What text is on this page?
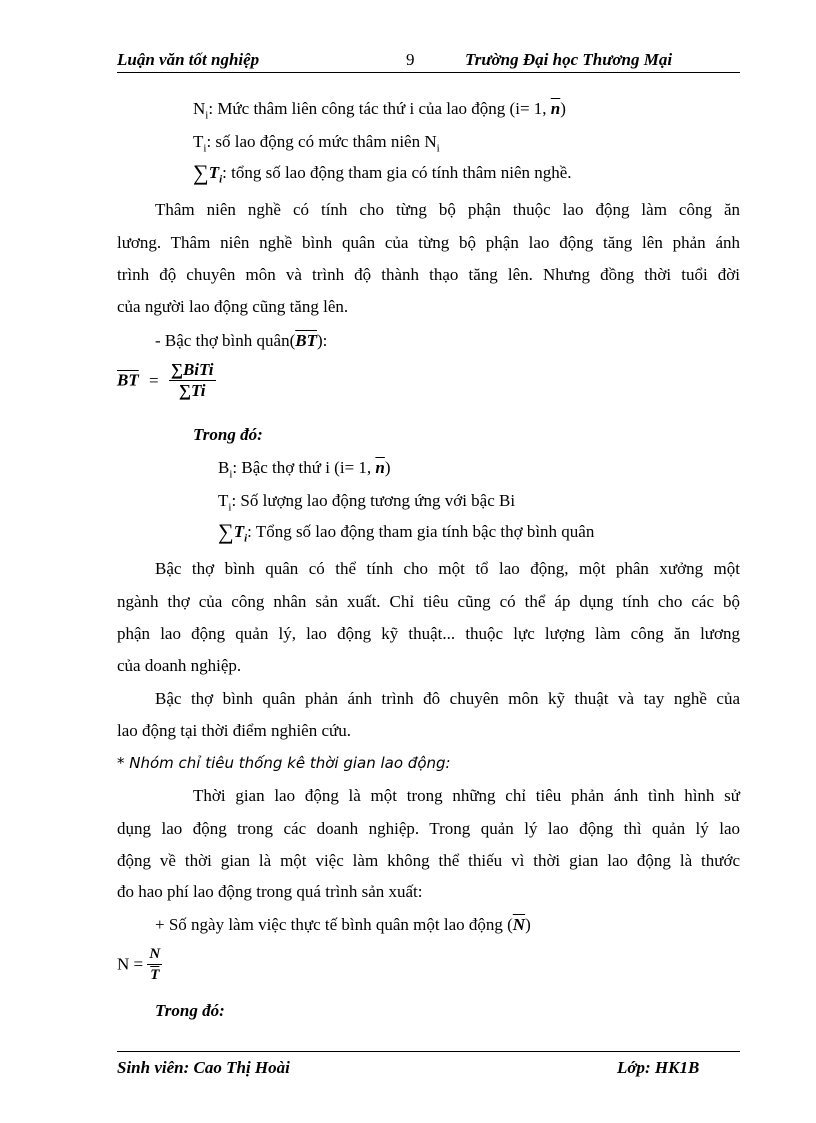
Luận văn tốt nghiệp	9	Trường Đại học Thương Mại
$N_i$: Mức thâm liên công tác thứ i của lao động (i= 1, $\overline{n}$)
$T_i$: số lao động có mức thâm niên $N_i$
$\sum T_i$: tổng số lao động tham gia có tính thâm niên nghề.
Thâm niên nghề có tính cho từng bộ phận thuộc lao động làm công ăn
lương. Thâm niên nghề bình quân của từng bộ phận lao động tăng lên phản ánh
trình độ chuyên môn và trình độ thành thạo tăng lên. Nhưng đồng thời tuổi đời
của người lao động cũng tăng lên.
- Bậc thợ bình $quân(\overline{BT})$:
$\overline{BT} = \frac{\text{∑BiTi}}{\sum Ti}$
Trong đó:
$B_i$: Bậc thợ thứ i (i= 1, $\overline{n}$)
$T_i$: Số lượng lao động tương ứng với bậc Bi
$\sum T_i$: Tổng số lao động tham gia tính bậc thợ bình quân
Bậc thợ bình quân có thể tính cho một tổ lao động, một phân xưởng một
ngành thợ của công nhân sản xuất. Chỉ tiêu cũng có thể áp dụng tính cho các bộ
phận lao động quản lý, lao động kỹ thuật... thuộc lực lượng làm công ăn lương
của doanh nghiệp.
Bậc thợ bình quân phản ánh trình đô chuyên môn kỹ thuật và tay nghề của
lao động tại thời điểm nghiên cứu.
* Nhóm chỉ tiêu thống kê thời gian lao động:
Thời gian lao động là một trong những chỉ tiêu phản ánh tình hình sử
dụng lao động trong các doanh nghiệp. Trong quản lý lao động thì quản lý lao
động về thời gian là một việc làm không thể thiếu vì thời gian lao động là thước
đo hao phí lao động trong quá trình sản xuất:
+ Số ngày làm việc thực tế bình quân một lao động $(\overline{N})$
$N = \frac{N}{T}$
Trong đó:
Sinh viên: Cao Thị Hoài	Lớp: HK1B
